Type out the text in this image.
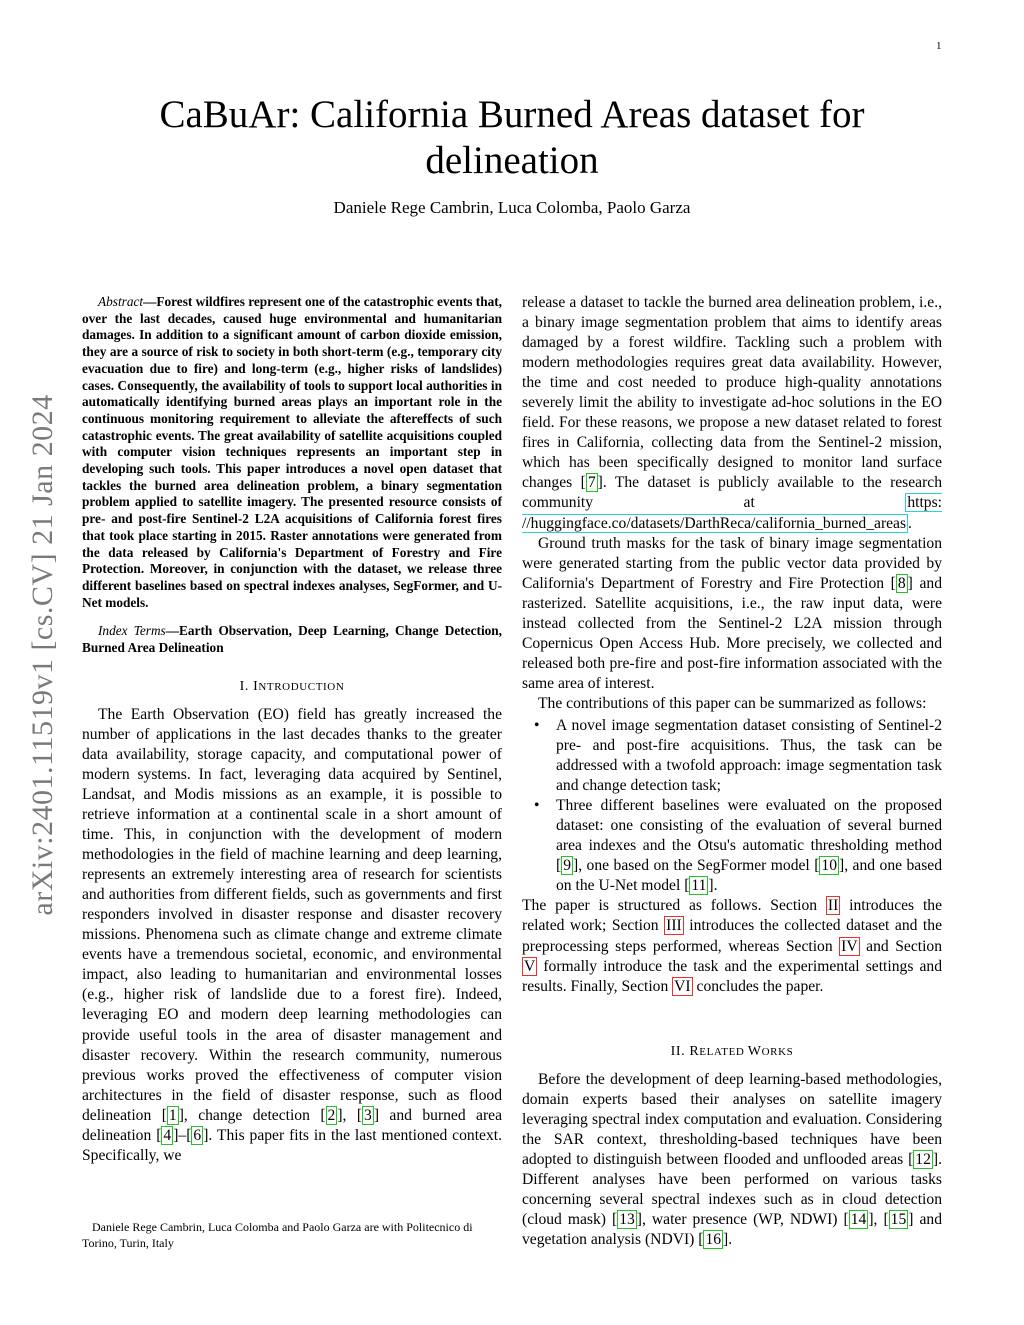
1
arXiv:2401.11519v1 [cs.CV] 21 Jan 2024
CaBuAr: California Burned Areas dataset for
delineation
Daniele Rege Cambrin, Luca Colomba, Paolo Garza

Abstract—Forest wildfires represent one of the catastrophic events that, over the last decades, caused huge environmental and humanitarian damages. In addition to a significant amount of carbon dioxide emission, they are a source of risk to society in both short-term (e.g., temporary city evacuation due to fire) and long-term (e.g., higher risks of landslides) cases. Consequently, the availability of tools to support local authorities in automatically identifying burned areas plays an important role in the continuous monitoring requirement to alleviate the aftereffects of such catastrophic events. The great availability of satellite acquisitions coupled with computer vision techniques represents an important step in developing such tools. This paper introduces a novel open dataset that tackles the burned area delineation problem, a binary segmentation problem applied to satellite imagery. The presented resource consists of pre- and post-fire Sentinel-2 L2A acquisitions of California forest fires that took place starting in 2015. Raster annotations were generated from the data released by California's Department of Forestry and Fire Protection. Moreover, in conjunction with the dataset, we release three different baselines based on spectral indexes analyses, SegFormer, and U-Net models.

Index Terms—Earth Observation, Deep Learning, Change Detection, Burned Area Delineation

I. INTRODUCTION

The Earth Observation (EO) field has greatly increased the number of applications in the last decades thanks to the greater data availability, storage capacity, and computational power of modern systems. In fact, leveraging data acquired by Sentinel, Landsat, and Modis missions as an example, it is possible to retrieve information at a continental scale in a short amount of time. This, in conjunction with the development of modern methodologies in the field of machine learning and deep learning, represents an extremely interesting area of research for scientists and authorities from different fields, such as governments and first responders involved in disaster response and disaster recovery missions. Phenomena such as climate change and extreme climate events have a tremendous societal, economic, and environmental impact, also leading to humanitarian and environmental losses (e.g., higher risk of landslide due to a forest fire). Indeed, leveraging EO and modern deep learning methodologies can provide useful tools in the area of disaster management and disaster recovery. Within the research community, numerous previous works proved the effectiveness of computer vision architectures in the field of disaster response, such as flood delineation [ 1 ], change detection [ 2 ], [ 3 ] and burned area delineation [ 4 ]–[ 6 ]. This paper fits in the last mentioned context. Specifically, we

Daniele Rege Cambrin, Luca Colomba and Paolo Garza are with Politecnico di Torino, Turin, Italy

release a dataset to tackle the burned area delineation problem, i.e., a binary image segmentation problem that aims to identify areas damaged by a forest wildfire. Tackling such a problem with modern methodologies requires great data availability. However, the time and cost needed to produce high-quality annotations severely limit the ability to investigate ad-hoc solutions in the EO field. For these reasons, we propose a new dataset related to forest fires in California, collecting data from the Sentinel-2 mission, which has been specifically designed to monitor land surface changes [ 7 ]. The dataset is publicly available to the research community at https: //huggingface.co/datasets/DarthReca/california_burned_areas .

Ground truth masks for the task of binary image segmentation were generated starting from the public vector data provided by California's Department of Forestry and Fire Protection [ 8 ] and rasterized. Satellite acquisitions, i.e., the raw input data, were instead collected from the Sentinel-2 L2A mission through Copernicus Open Access Hub. More precisely, we collected and released both pre-fire and post-fire information associated with the same area of interest.

The contributions of this paper can be summarized as follows:

• A novel image segmentation dataset consisting of Sentinel-2 pre- and post-fire acquisitions. Thus, the task can be addressed with a twofold approach: image segmentation task and change detection task;
• Three different baselines were evaluated on the proposed dataset: one consisting of the evaluation of several burned area indexes and the Otsu's automatic thresholding method [ 9 ], one based on the SegFormer model [ 10 ], and one based on the U-Net model [ 11 ].

The paper is structured as follows. Section II introduces the related work; Section III introduces the collected dataset and the preprocessing steps performed, whereas Section IV and Section V formally introduce the task and the experimental settings and results. Finally, Section VI concludes the paper.

II. RELATED WORKS

Before the development of deep learning-based methodologies, domain experts based their analyses on satellite imagery leveraging spectral index computation and evaluation. Considering the SAR context, thresholding-based techniques have been adopted to distinguish between flooded and unflooded areas [ 12 ]. Different analyses have been performed on various tasks concerning several spectral indexes such as in cloud detection (cloud mask) [ 13 ], water presence (WP, NDWI) [ 14 ], [ 15 ] and vegetation analysis (NDVI) [ 16 ].
